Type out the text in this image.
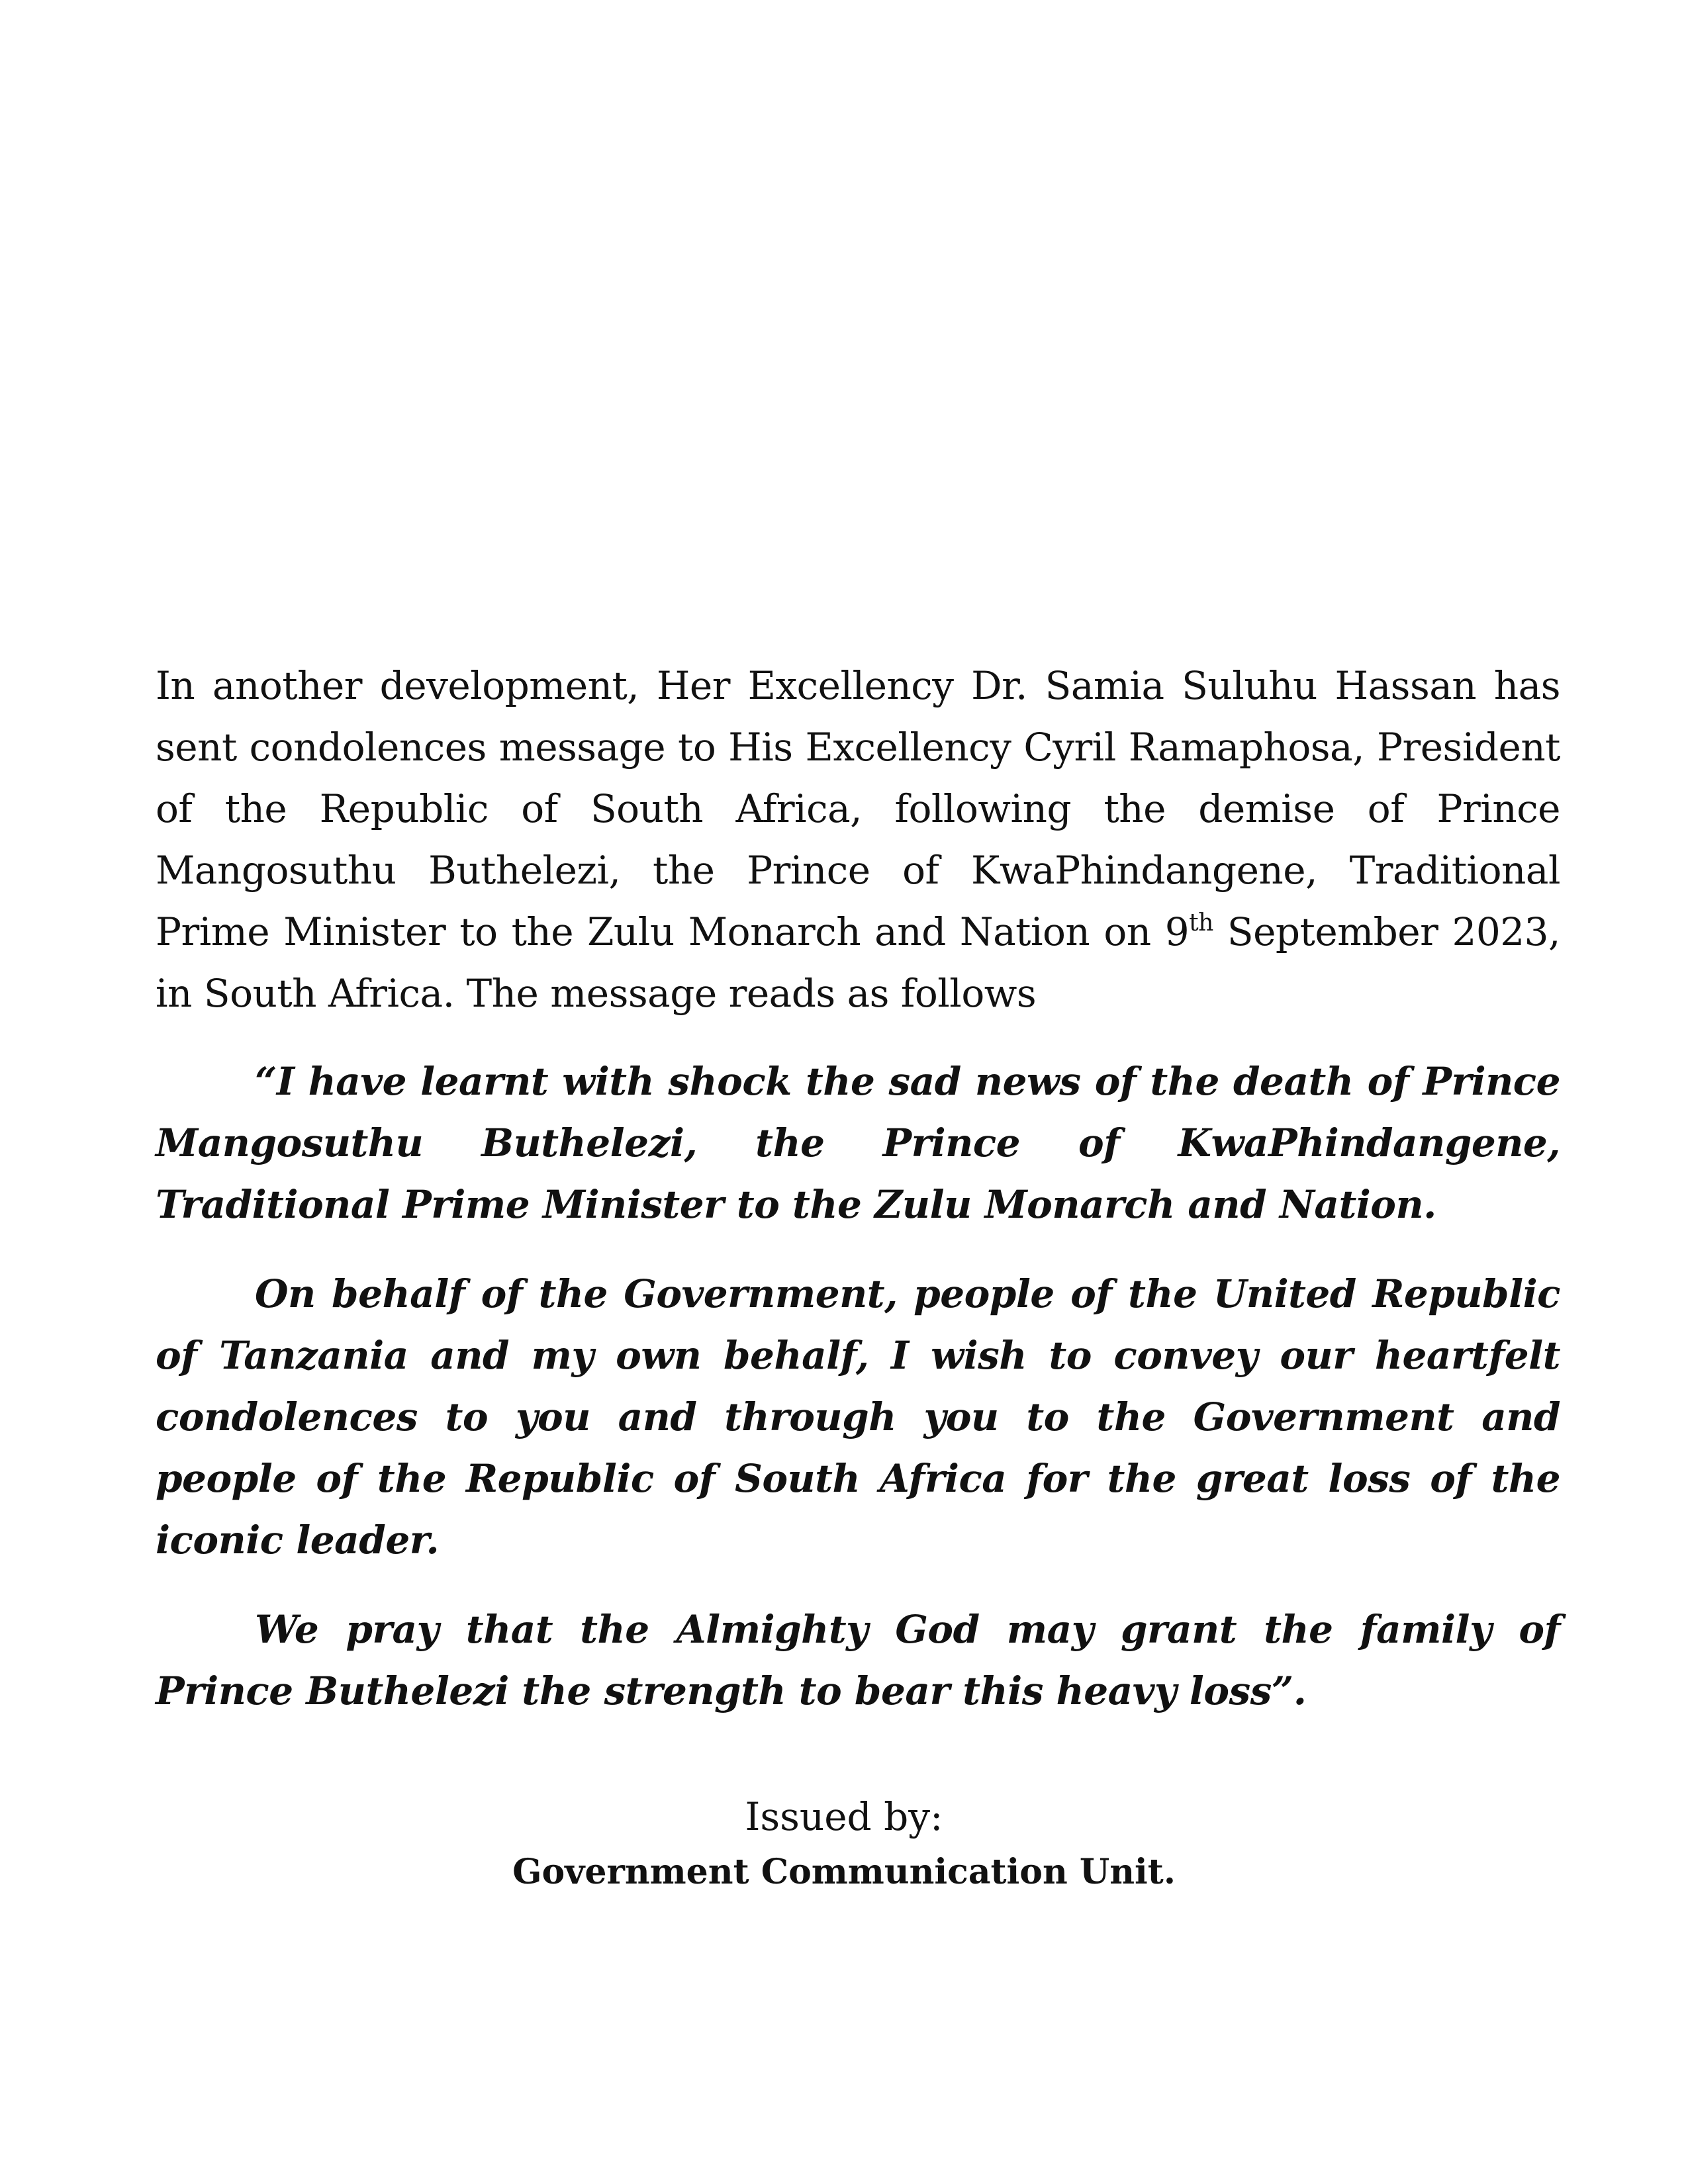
In another development, Her Excellency Dr. Samia Suluhu Hassan has sent condolences message to His Excellency Cyril Ramaphosa, President of the Republic of South Africa, following the demise of Prince Mangosuthu Buthelezi, the Prince of KwaPhindangene, Traditional Prime Minister to the Zulu Monarch and Nation on 9th September 2023, in South Africa. The message reads as follows

“I have learnt with shock the sad news of the death of Prince Mangosuthu Buthelezi, the Prince of KwaPhindangene, Traditional Prime Minister to the Zulu Monarch and Nation.

On behalf of the Government, people of the United Republic of Tanzania and my own behalf, I wish to convey our heartfelt condolences to you and through you to the Government and people of the Republic of South Africa for the great loss of the iconic leader.

We pray that the Almighty God may grant the family of Prince Buthelezi the strength to bear this heavy loss”.

Issued by:

Government Communication Unit.
